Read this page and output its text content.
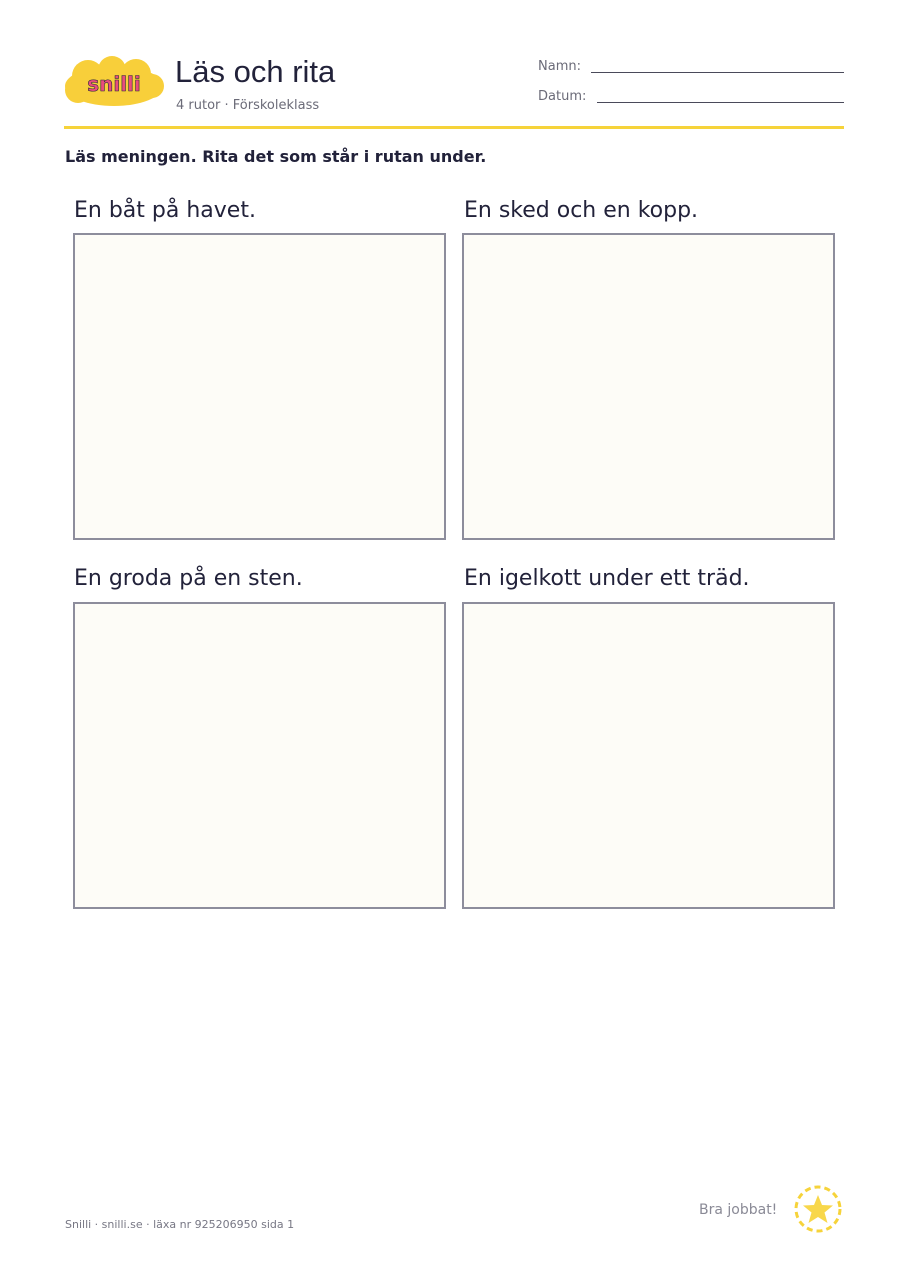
snilli Läs och rita
4 rutor · Förskoleklass
Namn:
Datum:
Läs meningen. Rita det som står i rutan under.
En båt på havet.	En sked och en kopp.
En groda på en sten.	En igelkott under ett träd.
Snilli · snilli.se · läxa nr 925206950 sida 1
Bra jobbat!
